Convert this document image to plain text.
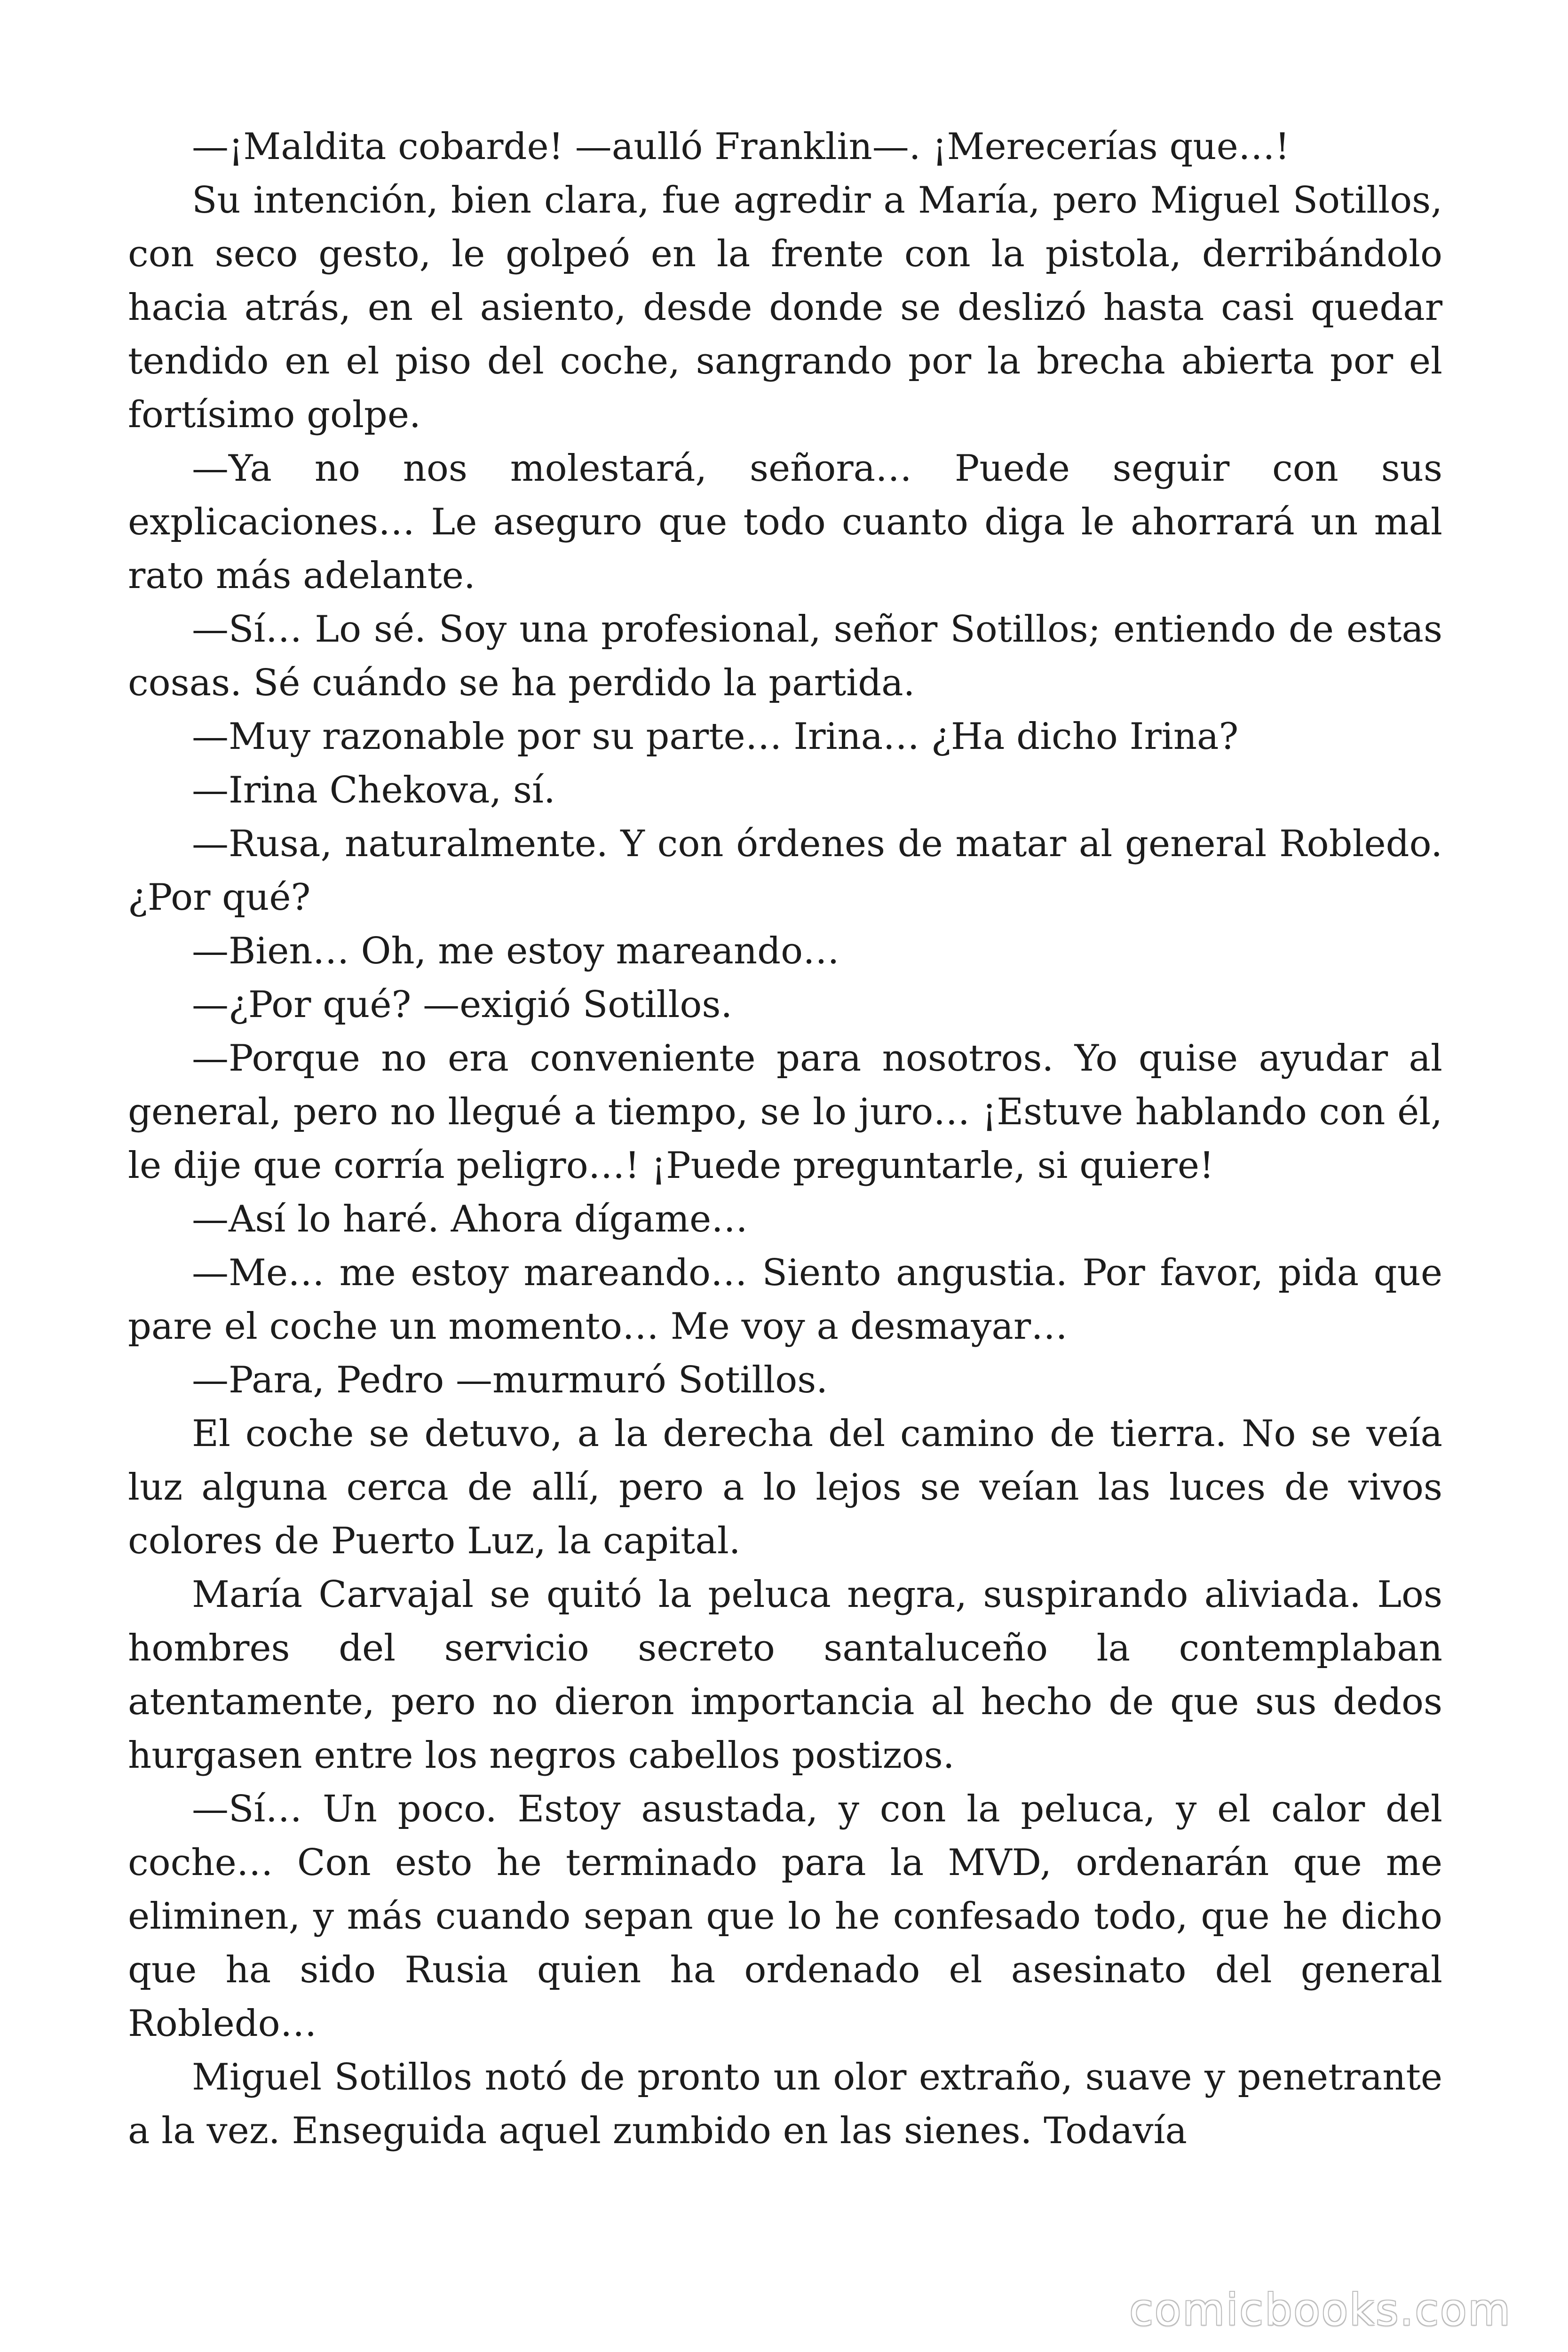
—¡Maldita cobarde! —aulló Franklin—. ¡Merecerías que…!

Su intención, bien clara, fue agredir a María, pero Miguel Sotillos, con seco gesto, le golpeó en la frente con la pistola, derribándolo hacia atrás, en el asiento, desde donde se deslizó hasta casi quedar tendido en el piso del coche, sangrando por la brecha abierta por el fortísimo golpe.

—Ya no nos molestará, señora… Puede seguir con sus explicaciones… Le aseguro que todo cuanto diga le ahorrará un mal rato más adelante.

—Sí… Lo sé. Soy una profesional, señor Sotillos; entiendo de estas cosas. Sé cuándo se ha perdido la partida.

—Muy razonable por su parte… Irina… ¿Ha dicho Irina?

—Irina Chekova, sí.

—Rusa, naturalmente. Y con órdenes de matar al general Robledo. ¿Por qué?

—Bien… Oh, me estoy mareando…

—¿Por qué? —exigió Sotillos.

—Porque no era conveniente para nosotros. Yo quise ayudar al general, pero no llegué a tiempo, se lo juro… ¡Estuve hablando con él, le dije que corría peligro…! ¡Puede preguntarle, si quiere!

—Así lo haré. Ahora dígame…

—Me… me estoy mareando… Siento angustia. Por favor, pida que pare el coche un momento… Me voy a desmayar…

—Para, Pedro —murmuró Sotillos.

El coche se detuvo, a la derecha del camino de tierra. No se veía luz alguna cerca de allí, pero a lo lejos se veían las luces de vivos colores de Puerto Luz, la capital.

María Carvajal se quitó la peluca negra, suspirando aliviada. Los hombres del servicio secreto santaluceño la contemplaban atentamente, pero no dieron importancia al hecho de que sus dedos hurgasen entre los negros cabellos postizos.

—Sí… Un poco. Estoy asustada, y con la peluca, y el calor del coche… Con esto he terminado para la MVD, ordenarán que me eliminen, y más cuando sepan que lo he confesado todo, que he dicho que ha sido Rusia quien ha ordenado el asesinato del general Robledo…

Miguel Sotillos notó de pronto un olor extraño, suave y penetrante a la vez. Enseguida aquel zumbido en las sienes. Todavía

comicbooks.com
